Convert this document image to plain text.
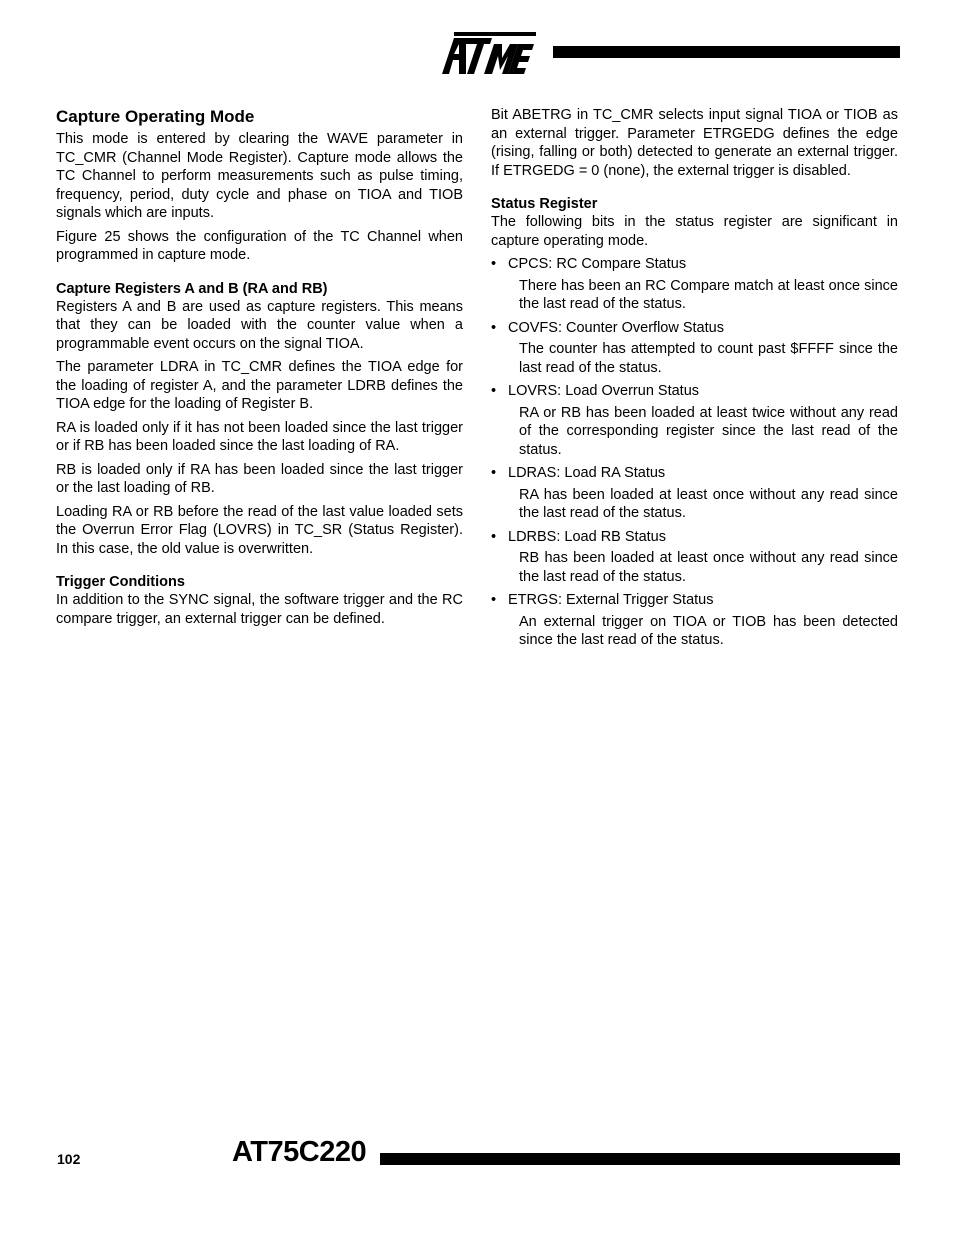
Capture Operating Mode

This mode is entered by clearing the WAVE parameter in TC_CMR (Channel Mode Register). Capture mode allows the TC Channel to perform measurements such as pulse timing, frequency, period, duty cycle and phase on TIOA and TIOB signals which are inputs.

Figure 25 shows the configuration of the TC Channel when programmed in capture mode.

Capture Registers A and B (RA and RB)

Registers A and B are used as capture registers. This means that they can be loaded with the counter value when a programmable event occurs on the signal TIOA.

The parameter LDRA in TC_CMR defines the TIOA edge for the loading of register A, and the parameter LDRB defines the TIOA edge for the loading of Register B.

RA is loaded only if it has not been loaded since the last trigger or if RB has been loaded since the last loading of RA.

RB is loaded only if RA has been loaded since the last trigger or the last loading of RB.

Loading RA or RB before the read of the last value loaded sets the Overrun Error Flag (LOVRS) in TC_SR (Status Register). In this case, the old value is overwritten.

Trigger Conditions

In addition to the SYNC signal, the software trigger and the RC compare trigger, an external trigger can be defined.

Bit ABETRG in TC_CMR selects input signal TIOA or TIOB as an external trigger. Parameter ETRGEDG defines the edge (rising, falling or both) detected to generate an external trigger. If ETRGEDG = 0 (none), the external trigger is disabled.

Status Register

The following bits in the status register are significant in capture operating mode.

• CPCS: RC Compare Status
There has been an RC Compare match at least once since the last read of the status.
• COVFS: Counter Overflow Status
The counter has attempted to count past $FFFF since the last read of the status.
• LOVRS: Load Overrun Status
RA or RB has been loaded at least twice without any read of the corresponding register since the last read of the status.
• LDRAS: Load RA Status
RA has been loaded at least once without any read since the last read of the status.
• LDRBS: Load RB Status
RB has been loaded at least once without any read since the last read of the status.
• ETRGS: External Trigger Status
An external trigger on TIOA or TIOB has been detected since the last read of the status.
102	AT75C220
